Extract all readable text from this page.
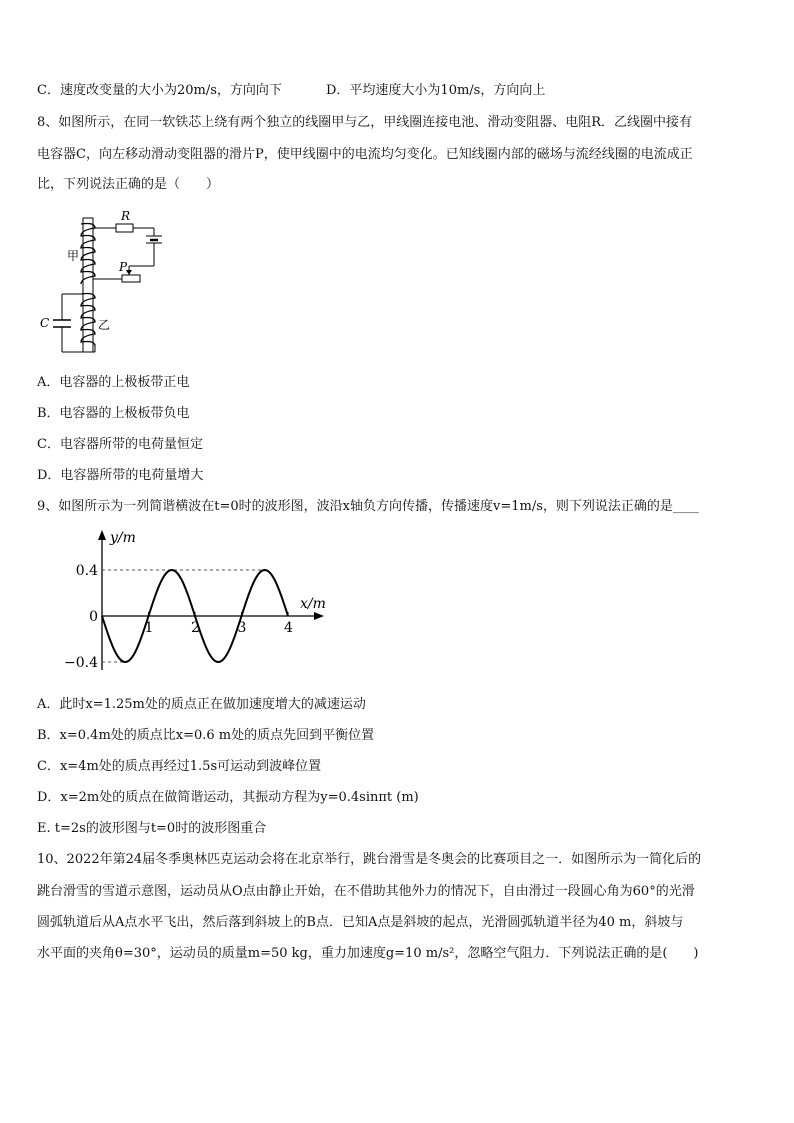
C．速度改变量的大小为20m/s，方向向下	D．平均速度大小为10m/s，方向向上
8、如图所示，在同一软铁芯上绕有两个独立的线圈甲与乙，甲线圈连接电池、滑动变阻器、电阻R．乙线圈中接有
电容器C，向左移动滑动变阻器的滑片P，使甲线圈中的电流均匀变化。已知线圈内部的磁场与流经线圈的电流成正
比，下列说法正确的是（　　）
R
P
C
甲
乙
A．电容器的上极板带正电
B．电容器的上极板带负电
C．电容器所带的电荷量恒定
D．电容器所带的电荷量增大
9、如图所示为一列简谐横波在t=0时的波形图，波沿x轴负方向传播，传播速度v=1m/s，则下列说法正确的是____
1	2	3	4
0.4
0
−0.4
x/m
y/m
A．此时x=1.25m处的质点正在做加速度增大的减速运动
B．x=0.4m处的质点比x=0.6 m处的质点先回到平衡位置
C．x=4m处的质点再经过1.5s可运动到波峰位置
D．x=2m处的质点在做简谐运动，其振动方程为y=0.4sinπt (m)
E. t=2s的波形图与t=0时的波形图重合
10、2022年第24届冬季奥林匹克运动会将在北京举行，跳台滑雪是冬奥会的比赛项目之一．如图所示为一简化后的
跳台滑雪的雪道示意图，运动员从O点由静止开始，在不借助其他外力的情况下，自由滑过一段圆心角为60°的光滑
圆弧轨道后从A点水平飞出，然后落到斜坡上的B点．已知A点是斜坡的起点，光滑圆弧轨道半径为40 m，斜坡与
水平面的夹角θ=30°，运动员的质量m=50 kg，重力加速度g=10 m/s²，忽略空气阻力．下列说法正确的是(　　)
